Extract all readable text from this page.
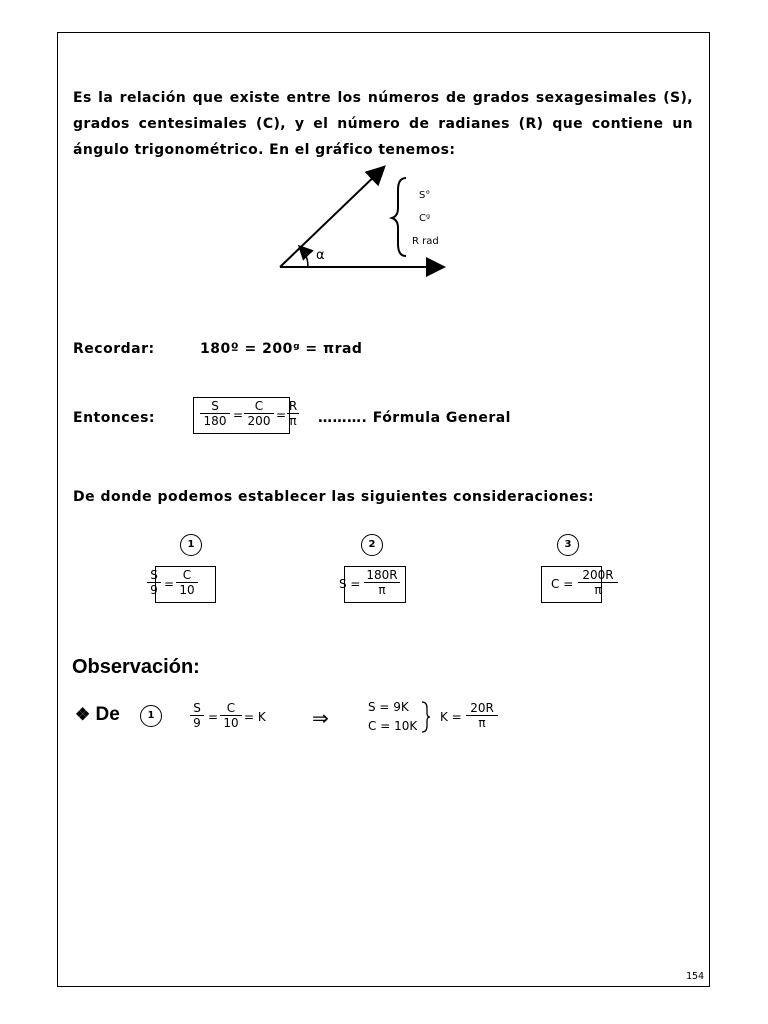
Es la relación que existe entre los números de grados sexagesimales (S), grados centesimales (C), y el número de radianes (R) que contiene un ángulo trigonométrico. En el gráfico tenemos:
α
S°
Cᵍ
R rad
Recordar:	180º = 200ᵍ = πrad
Entonces:
S
180 =
C
200 =
R
π ………. Fórmula General
De donde podemos establecer las siguientes consideraciones:
1
S
9 =
C
10
2
S =
180R
π
3
C =
200R
π
Observación:
❖ De	1
S
9 =
C
10 = K ⇒	S = 9K
C = 10K
K =
20R
π
154
